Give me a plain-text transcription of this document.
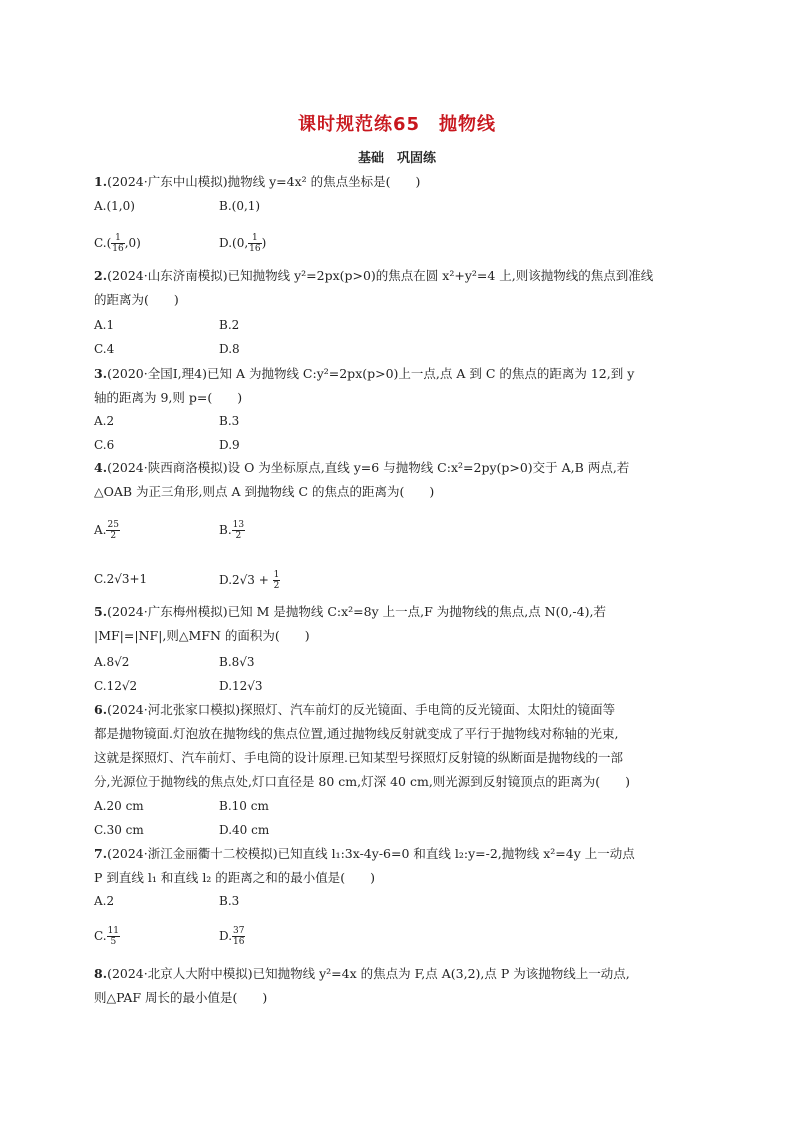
课时规范练65　抛物线
基础　巩固练
1.(2024·广东中山模拟)抛物线 y=4x² 的焦点坐标是(　　)
A.(1,0)	B.(0,1)
$C.( \frac{1}{16} ,0)$	D.(0, $\frac{1}{16}$ )
2.(2024·山东济南模拟)已知抛物线 y²=2px(p>0)的焦点在圆 x²+y²=4 上,则该抛物线的焦点到准线
的距离为(　　)
A.1	B.2
C.4	D.8
3.(2020·全国Ⅰ,理4)已知 A 为抛物线 C:y²=2px(p>0)上一点,点 A 到 C 的焦点的距离为 12,到 y
轴的距离为 9,则 p=(　　)
A.2	B.3
C.6	D.9
4.(2024·陕西商洛模拟)设 O 为坐标原点,直线 y=6 与抛物线 C:x²=2py(p>0)交于 A,B 两点,若
△OAB 为正三角形,则点 A 到抛物线 C 的焦点的距离为(　　)
A. $\frac{25}{2}$	B. $\frac{13}{2}$
C.2√3+1	$D.2√3 + \frac{1}{2}$
5.(2024·广东梅州模拟)已知 M 是抛物线 C:x²=8y 上一点,F 为抛物线的焦点,点 N(0,-4),若
|MF|=|NF|,则△MFN 的面积为(　　)
A.8√2	B.8√3
C.12√2	D.12√3
6.(2024·河北张家口模拟)探照灯、汽车前灯的反光镜面、手电筒的反光镜面、太阳灶的镜面等
都是抛物镜面.灯泡放在抛物线的焦点位置,通过抛物线反射就变成了平行于抛物线对称轴的光束,
这就是探照灯、汽车前灯、手电筒的设计原理.已知某型号探照灯反射镜的纵断面是抛物线的一部
分,光源位于抛物线的焦点处,灯口直径是 80 cm,灯深 40 cm,则光源到反射镜顶点的距离为(　　)
A.20 cm	B.10 cm
C.30 cm	D.40 cm
7.(2024·浙江金丽衢十二校模拟)已知直线 l₁:3x-4y-6=0 和直线 l₂:y=-2,抛物线 x²=4y 上一动点
P 到直线 l₁ 和直线 l₂ 的距离之和的最小值是(　　)
A.2	B.3
C. $\frac{11}{5}$	D. $\frac{37}{16}$
8.(2024·北京人大附中模拟)已知抛物线 y²=4x 的焦点为 F,点 A(3,2),点 P 为该抛物线上一动点,
则△PAF 周长的最小值是(　　)
